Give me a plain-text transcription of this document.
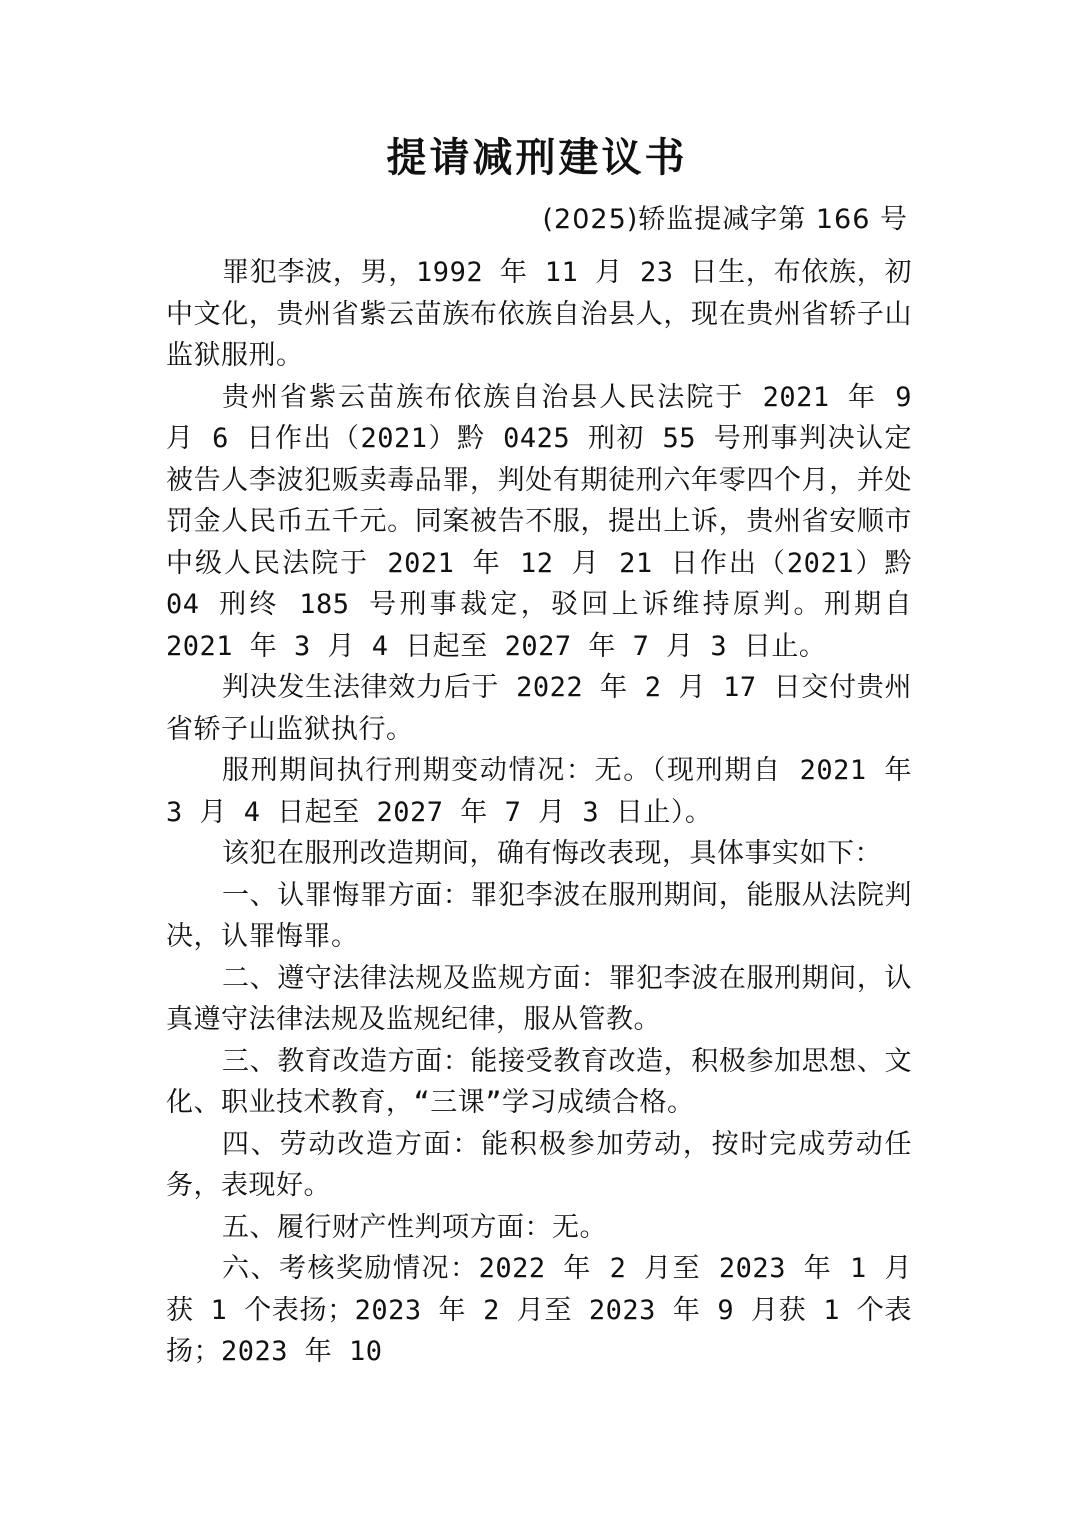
提请减刑建议书
(2025)轿监提减字第 166 号

罪犯李波，男，1992 年 11 月 23 日生，布依族，初中文化，贵州省紫云苗族布依族自治县人，现在贵州省轿子山监狱服刑。

贵州省紫云苗族布依族自治县人民法院于 2021 年 9 月 6 日作出（2021）黔 0425 刑初 55 号刑事判决认定被告人李波犯贩卖毒品罪，判处有期徒刑六年零四个月，并处罚金人民币五千元。同案被告不服，提出上诉，贵州省安顺市中级人民法院于 2021 年 12 月 21 日作出（2021）黔 04 刑终 185 号刑事裁定，驳回上诉维持原判。刑期自 2021 年 3 月 4 日起至 2027 年 7 月 3 日止。

判决发生法律效力后于 2022 年 2 月 17 日交付贵州省轿子山监狱执行。

服刑期间执行刑期变动情况：无。（现刑期自 2021 年 3 月 4 日起至 2027 年 7 月 3 日止）。

该犯在服刑改造期间，确有悔改表现，具体事实如下：

一、认罪悔罪方面：罪犯李波在服刑期间，能服从法院判决，认罪悔罪。

二、遵守法律法规及监规方面：罪犯李波在服刑期间，认真遵守法律法规及监规纪律，服从管教。

三、教育改造方面：能接受教育改造，积极参加思想、文化、职业技术教育，“三课”学习成绩合格。

四、劳动改造方面：能积极参加劳动，按时完成劳动任务，表现好。

五、履行财产性判项方面：无。

六、考核奖励情况：2022 年 2 月至 2023 年 1 月获 1 个表扬；2023 年 2 月至 2023 年 9 月获 1 个表扬；2023 年 10
